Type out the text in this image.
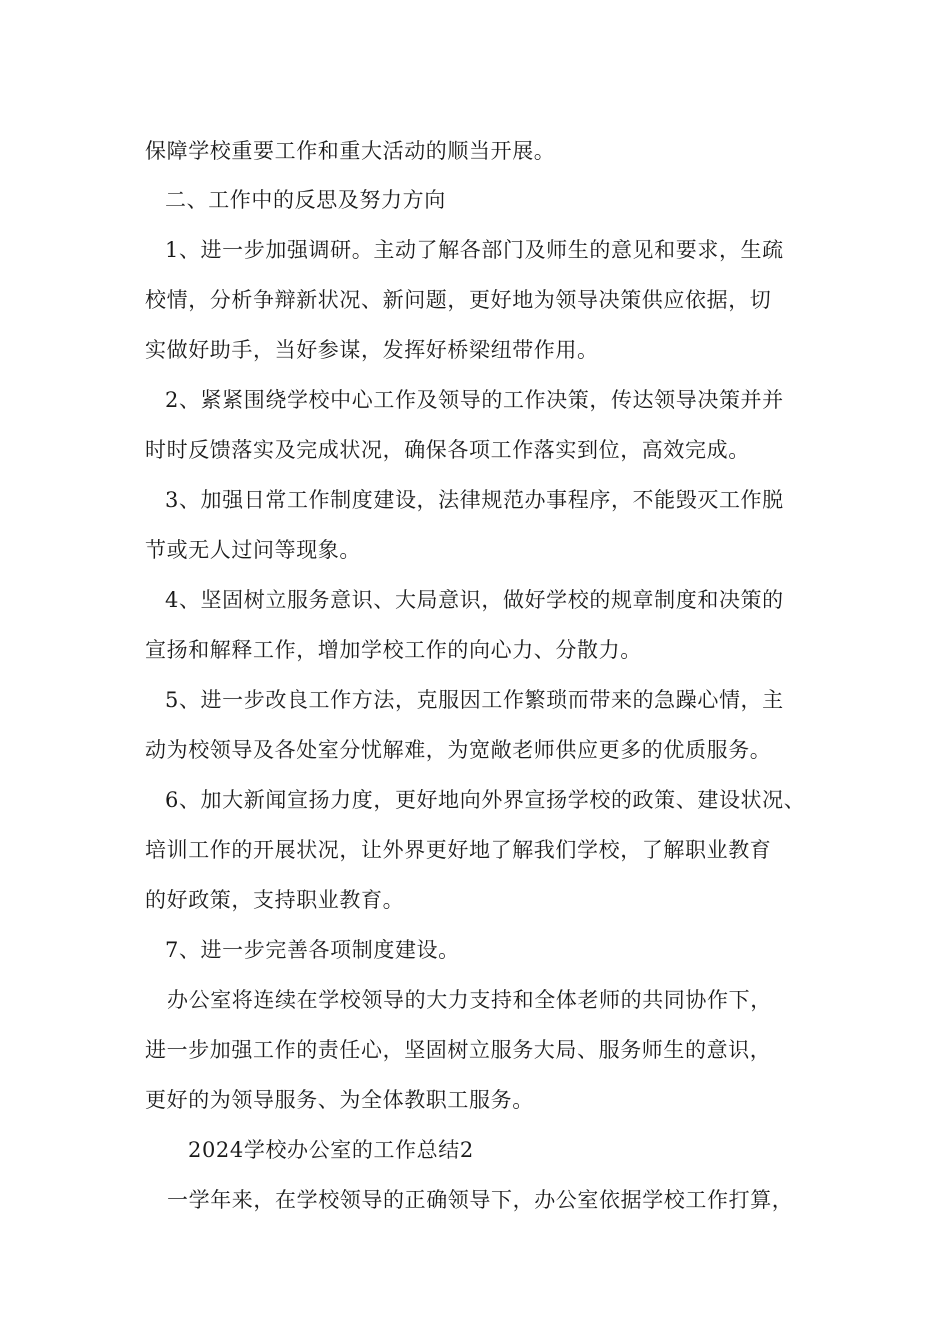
保障学校重要工作和重大活动的顺当开展。
二、工作中的反思及努力方向
1、进一步加强调研。主动了解各部门及师生的意见和要求，生疏
校情，分析争辩新状况、新问题，更好地为领导决策供应依据，切
实做好助手，当好参谋，发挥好桥梁纽带作用。
2、紧紧围绕学校中心工作及领导的工作决策，传达领导决策并并
时时反馈落实及完成状况，确保各项工作落实到位，高效完成。
3、加强日常工作制度建设，法律规范办事程序，不能毁灭工作脱
节或无人过问等现象。
4、坚固树立服务意识、大局意识，做好学校的规章制度和决策的
宣扬和解释工作，增加学校工作的向心力、分散力。
5、进一步改良工作方法，克服因工作繁琐而带来的急躁心情，主
动为校领导及各处室分忧解难，为宽敞老师供应更多的优质服务。
6、加大新闻宣扬力度，更好地向外界宣扬学校的政策、建设状况、
培训工作的开展状况，让外界更好地了解我们学校，了解职业教育
的好政策，支持职业教育。
7、进一步完善各项制度建设。
办公室将连续在学校领导的大力支持和全体老师的共同协作下，
进一步加强工作的责任心，坚固树立服务大局、服务师生的意识，
更好的为领导服务、为全体教职工服务。
2024学校办公室的工作总结2
一学年来，在学校领导的正确领导下，办公室依据学校工作打算，
